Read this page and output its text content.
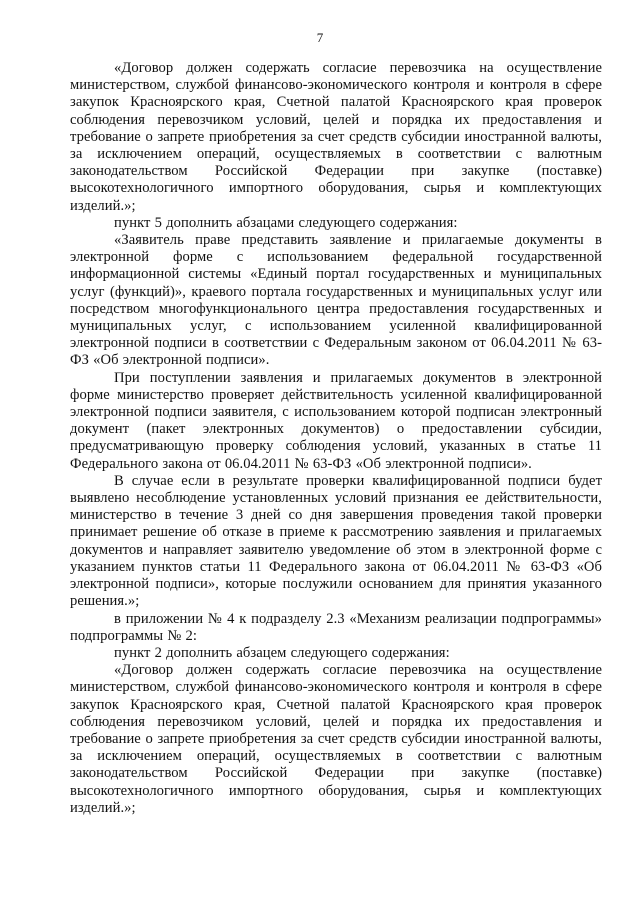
7

«Договор должен содержать согласие перевозчика на осуществление министерством, службой финансово-экономического контроля и контроля в сфере закупок Красноярского края, Счетной палатой Красноярского края проверок соблюдения перевозчиком условий, целей и порядка их предоставления и требование о запрете приобретения за счет средств субсидии иностранной валюты, за исключением операций, осуществляемых в соответствии с валютным законодательством Российской Федерации при закупке (поставке) высокотехнологичного импортного оборудования, сырья и комплектующих изделий.»;

пункт 5 дополнить абзацами следующего содержания:

«Заявитель праве представить заявление и прилагаемые документы в электронной форме с использованием федеральной государственной информационной системы «Единый портал государственных и муниципальных услуг (функций)», краевого портала государственных и муниципальных услуг или посредством многофункционального центра предоставления государственных и муниципальных услуг, с использованием усиленной квалифицированной электронной подписи в соответствии с Федеральным законом от 06.04.2011 № 63-ФЗ «Об электронной подписи».

При поступлении заявления и прилагаемых документов в электронной форме министерство проверяет действительность усиленной квалифицированной электронной подписи заявителя, с использованием которой подписан электронный документ (пакет электронных документов) о предоставлении субсидии, предусматривающую проверку соблюдения условий, указанных в статье 11 Федерального закона от 06.04.2011 № 63-ФЗ «Об электронной подписи».

В случае если в результате проверки квалифицированной подписи будет выявлено несоблюдение установленных условий признания ее действительности, министерство в течение 3 дней со дня завершения проведения такой проверки принимает решение об отказе в приеме к рассмотрению заявления и прилагаемых документов и направляет заявителю уведомление об этом в электронной форме с указанием пунктов статьи 11 Федерального закона от 06.04.2011 № 63-ФЗ «Об электронной подписи», которые послужили основанием для принятия указанного решения.»;

в приложении № 4 к подразделу 2.3 «Механизм реализации подпрограммы» подпрограммы № 2:

пункт 2 дополнить абзацем следующего содержания:

«Договор должен содержать согласие перевозчика на осуществление министерством, службой финансово-экономического контроля и контроля в сфере закупок Красноярского края, Счетной палатой Красноярского края проверок соблюдения перевозчиком условий, целей и порядка их предоставления и требование о запрете приобретения за счет средств субсидии иностранной валюты, за исключением операций, осуществляемых в соответствии с валютным законодательством Российской Федерации при закупке (поставке) высокотехнологичного импортного оборудования, сырья и комплектующих изделий.»;
